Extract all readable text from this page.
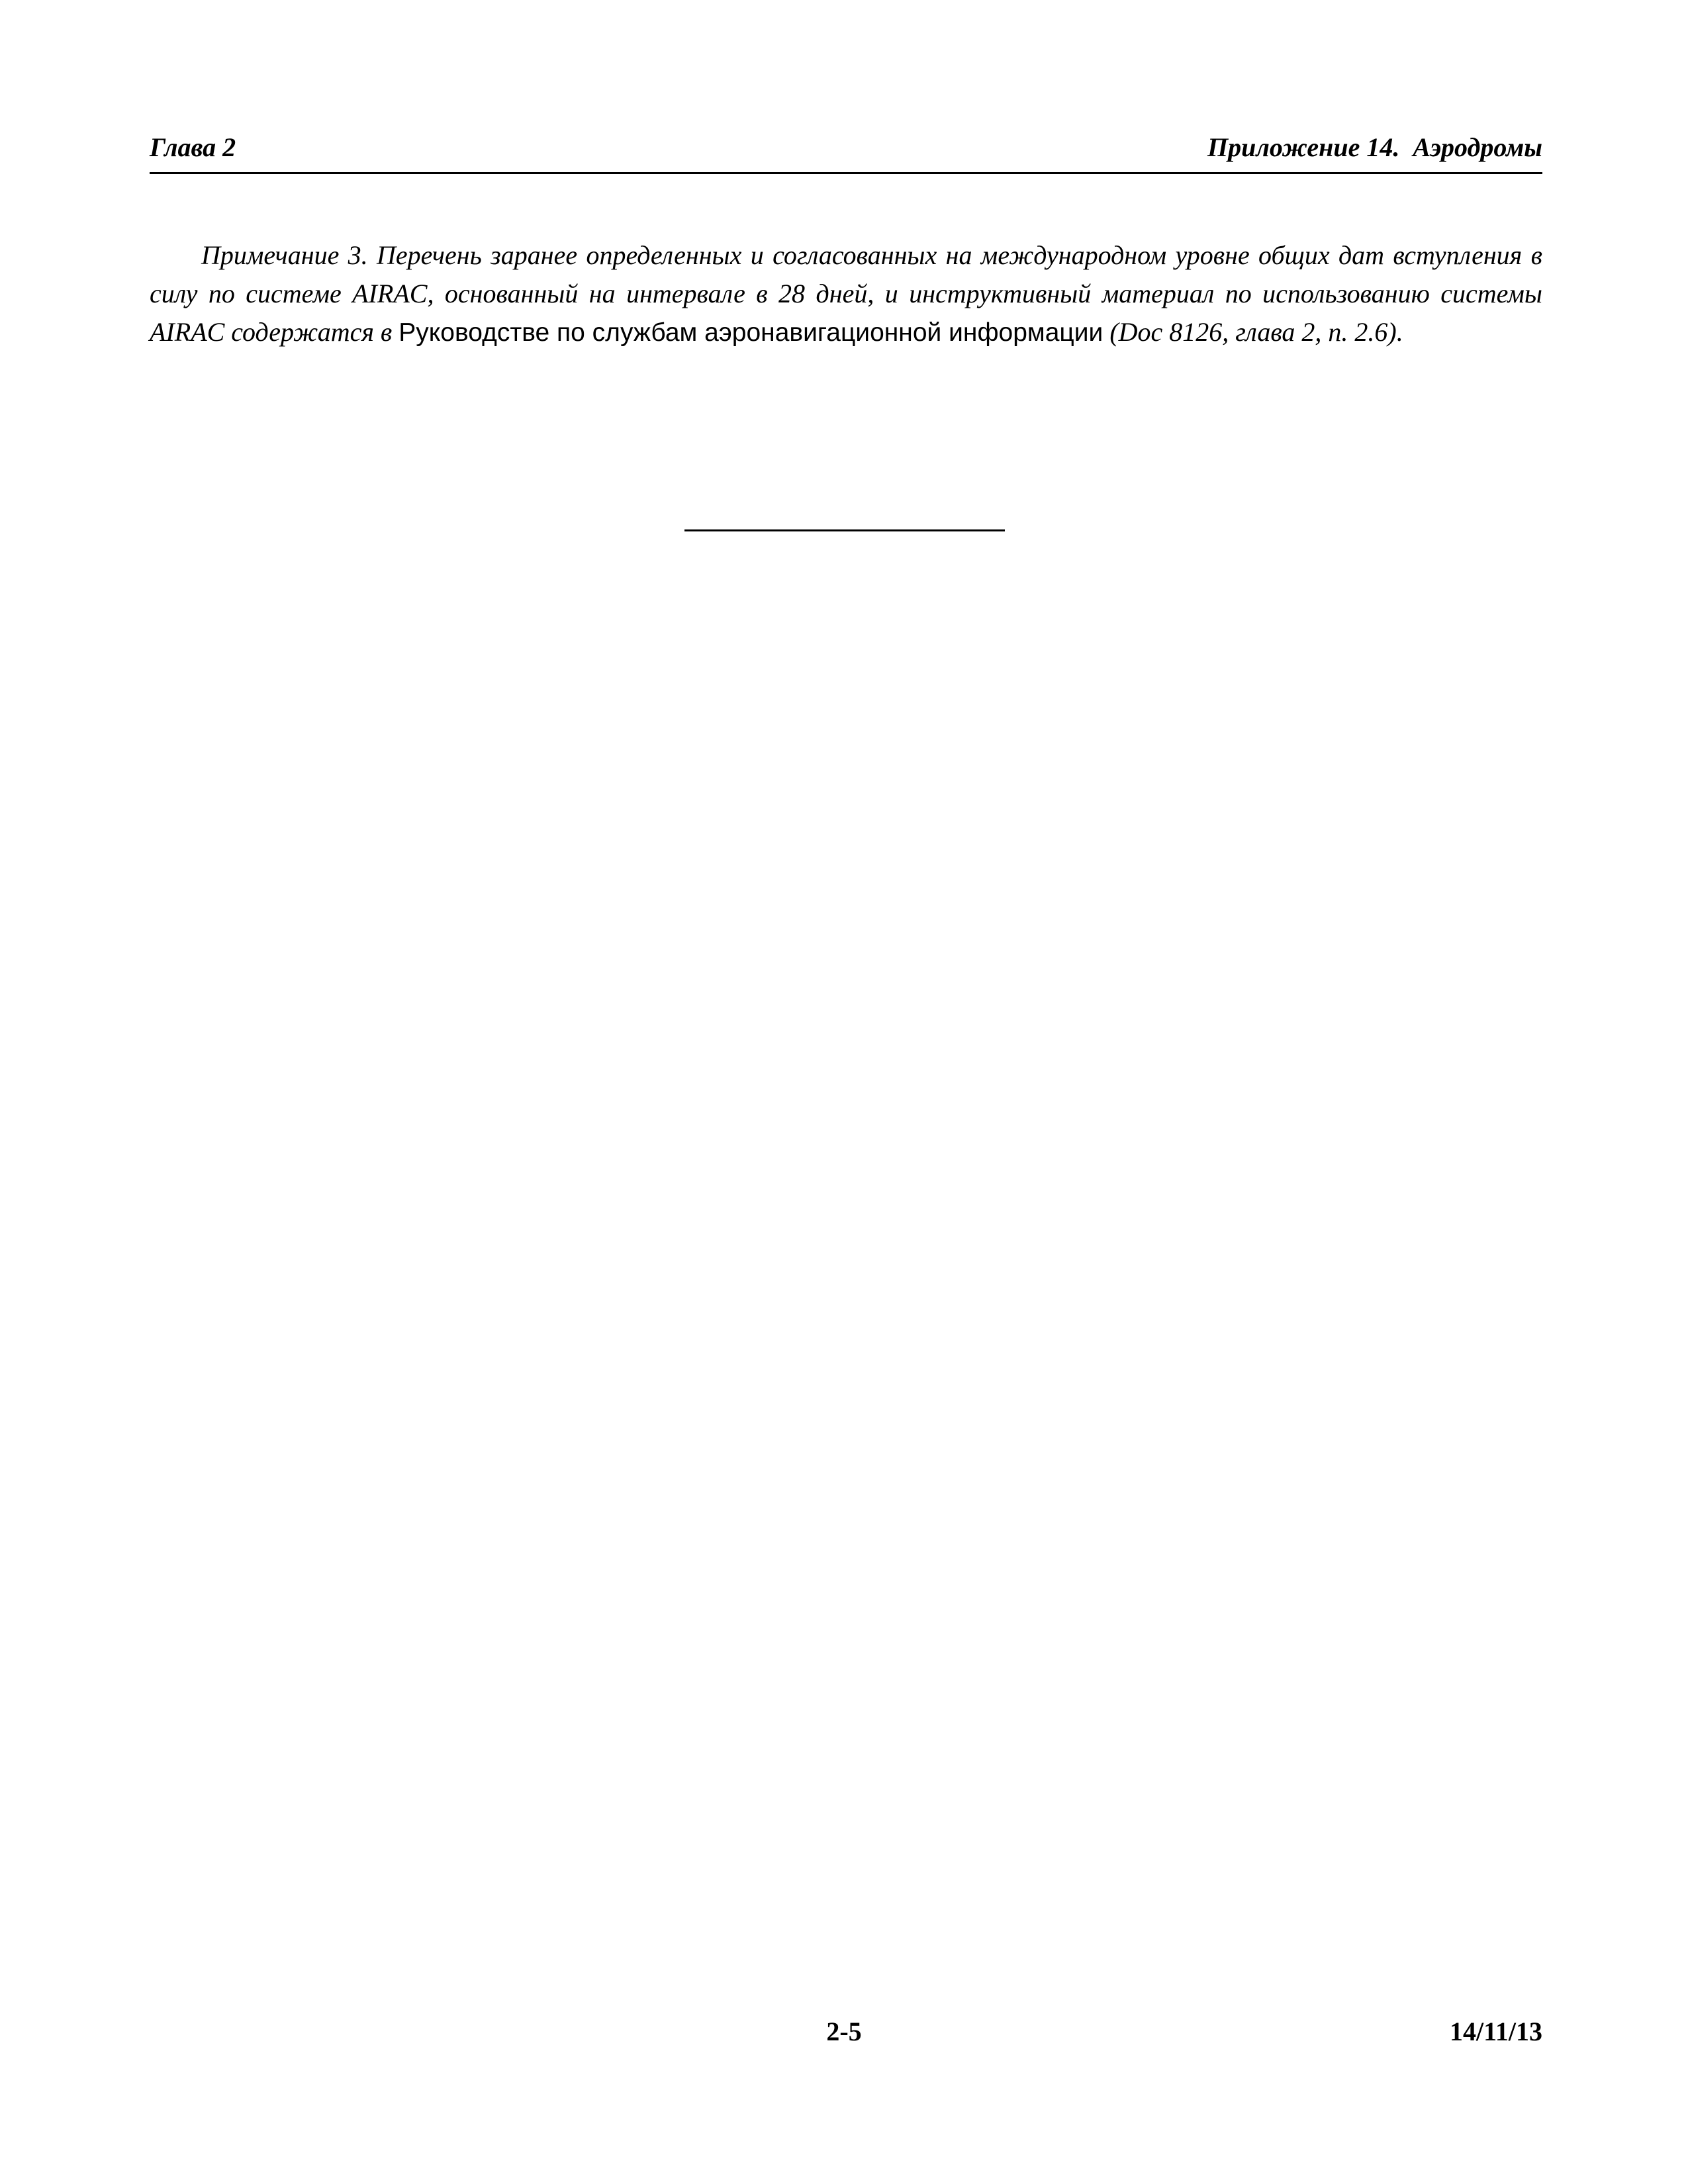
Глава 2	Приложение 14.  Аэродромы

Примечание 3. Перечень заранее определенных и согласованных на международном уровне общих дат вступления в силу по системе AIRAC, основанный на интервале в 28 дней, и инструктивный материал по использованию системы AIRAC содержатся в Руководстве по службам аэронавигационной информации (Doc 8126, глава 2, п. 2.6).

2-5	14/11/13
